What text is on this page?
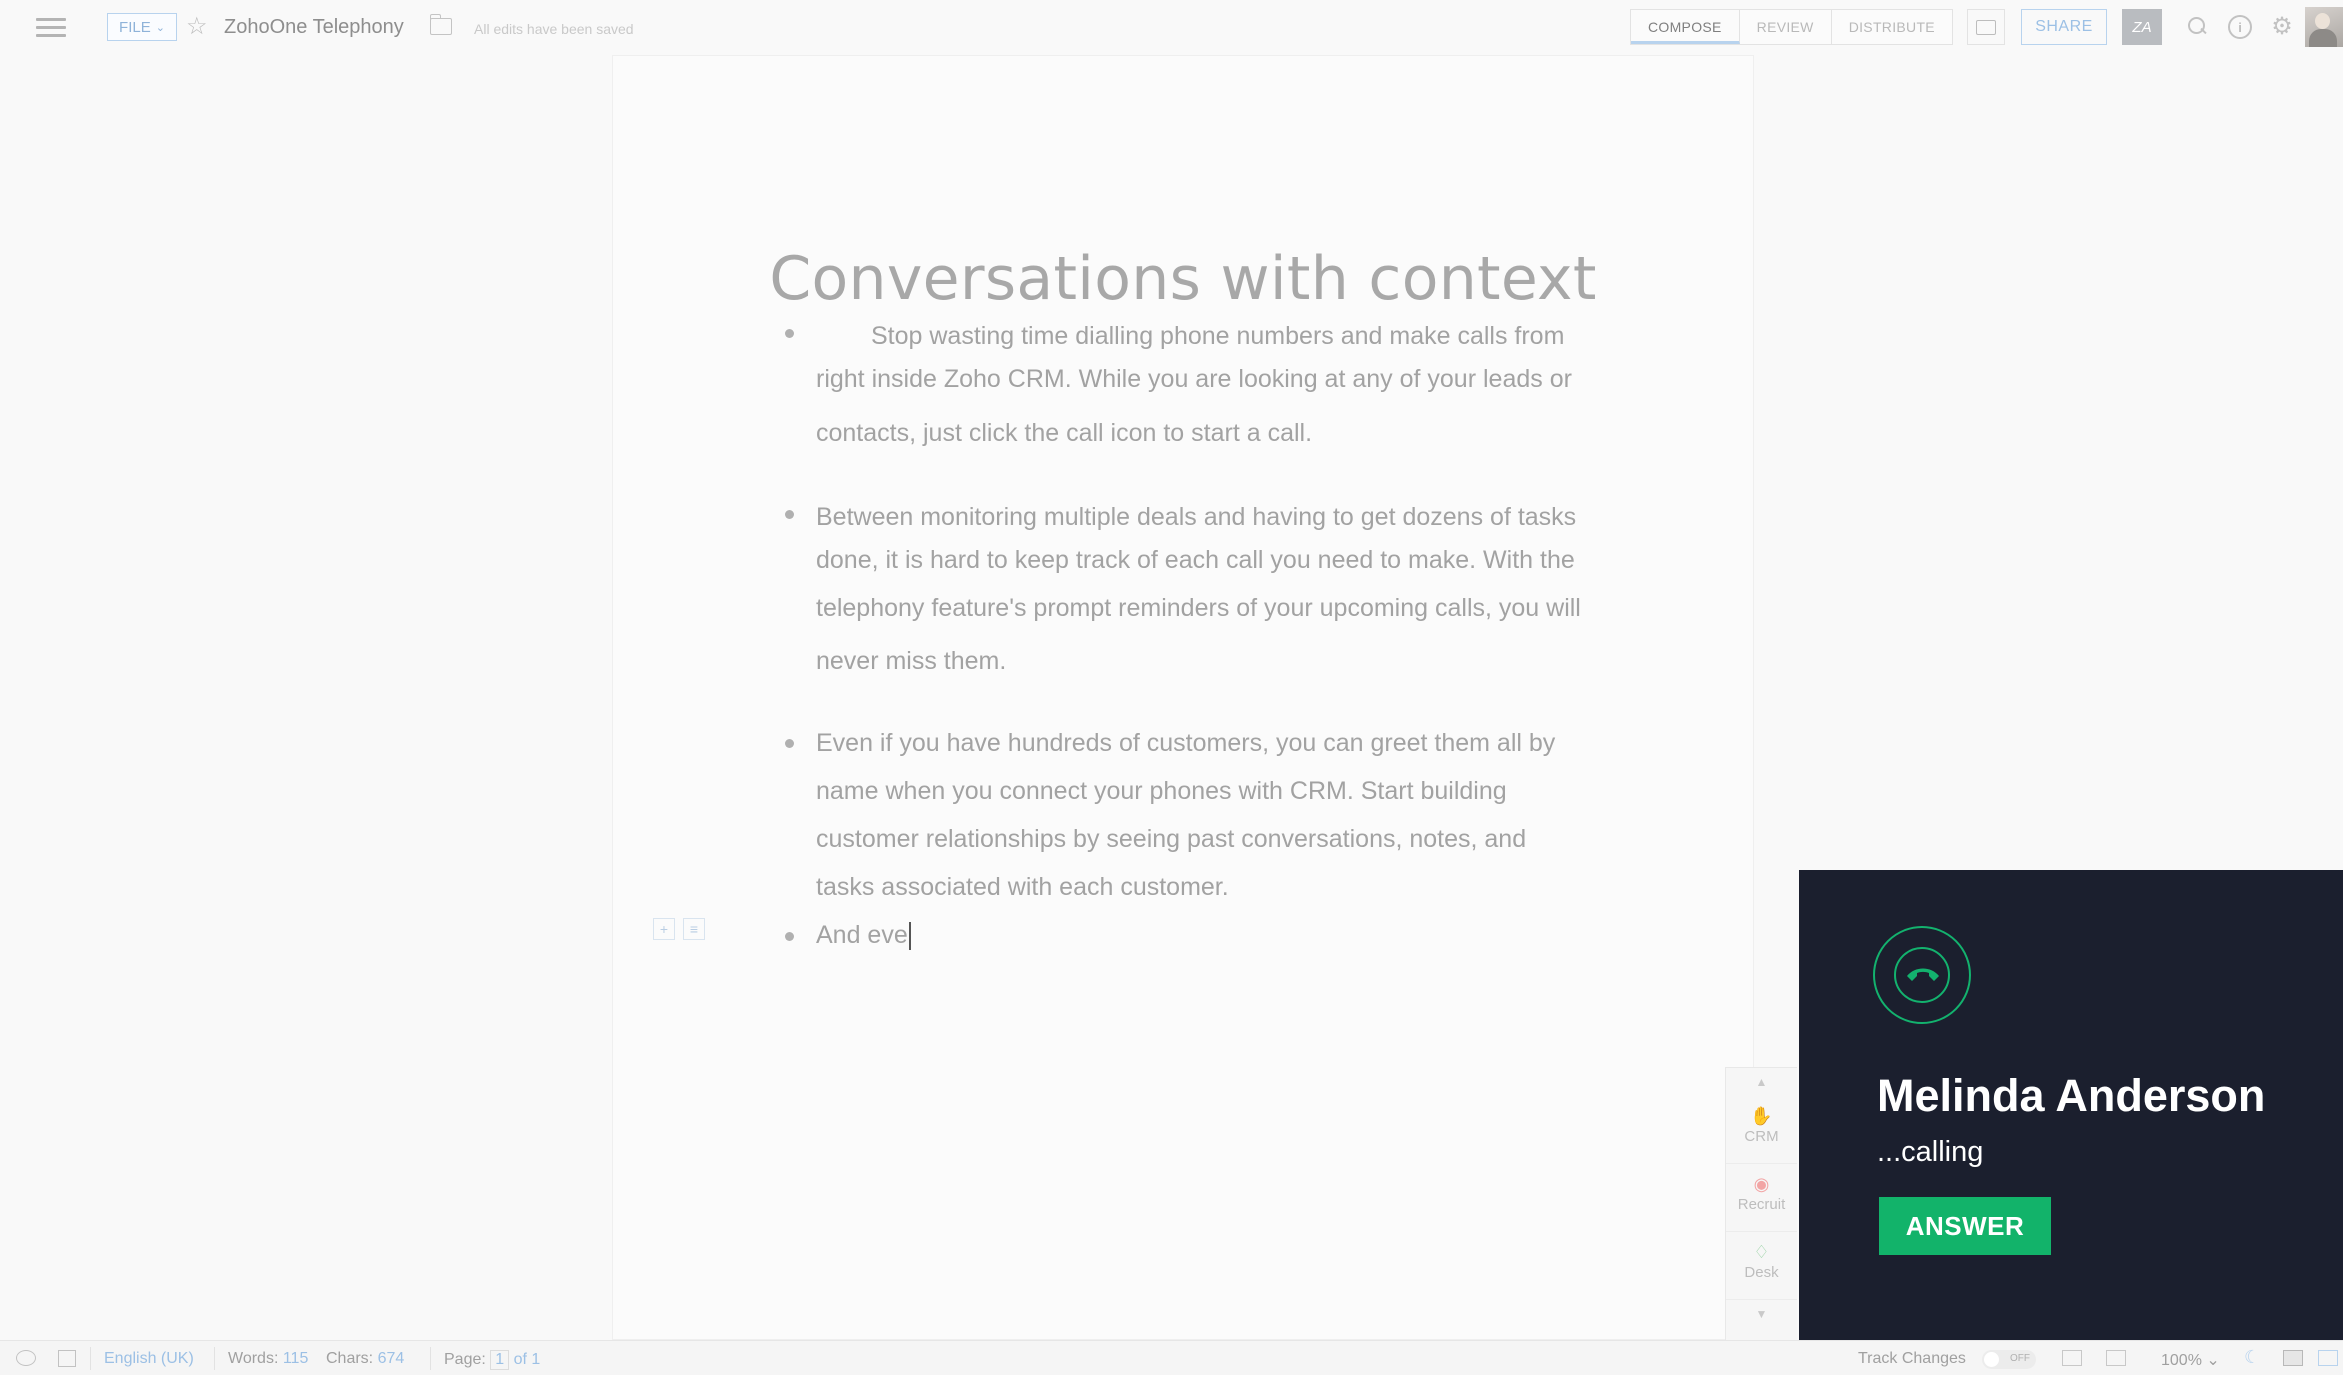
FILE ⌄ ☆ ZohoOne Telephony	All edits have been saved	COMPOSE	REVIEW	DISTRIBUTE	SHARE	ZA	i	⚙
Conversations with context
Stop wasting time dialling phone numbers and make calls from
right inside Zoho CRM. While you are looking at any of your leads or
contacts, just click the call icon to start a call.
Between monitoring multiple deals and having to get dozens of tasks
done, it is hard to keep track of each call you need to make. With the
telephony feature's prompt reminders of your upcoming calls, you will
never miss them.
Even if you have hundreds of customers, you can greet them all by
name when you connect your phones with CRM. Start building
customer relationships by seeing past conversations, notes, and
tasks associated with each customer.
+	≡	And eve
▲
✋
CRM
◉
Recruit
♢
Desk
▼
Melinda Anderson
...calling
ANSWER
English (UK) Words: 115 Chars: 674 Page: 1 of 1	Track Changes	OFF	100% ⌄ ☾
